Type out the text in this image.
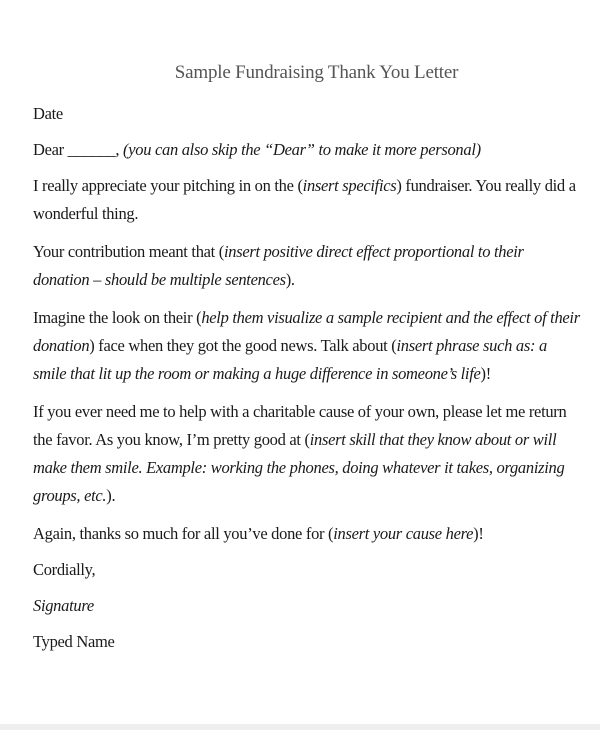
Sample Fundraising Thank You Letter
Date
Dear ______, (you can also skip the “Dear” to make it more personal)
I really appreciate your pitching in on the (insert specifics) fundraiser. You really did a wonderful thing.
Your contribution meant that (insert positive direct effect proportional to their donation – should be multiple sentences).
Imagine the look on their (help them visualize a sample recipient and the effect of their donation) face when they got the good news. Talk about (insert phrase such as: a smile that lit up the room or making a huge difference in someone’s life)!
If you ever need me to help with a charitable cause of your own, please let me return the favor. As you know, I’m pretty good at (insert skill that they know about or will make them smile. Example: working the phones, doing whatever it takes, organizing groups, etc.).
Again, thanks so much for all you’ve done for (insert your cause here)!
Cordially,
Signature
Typed Name
